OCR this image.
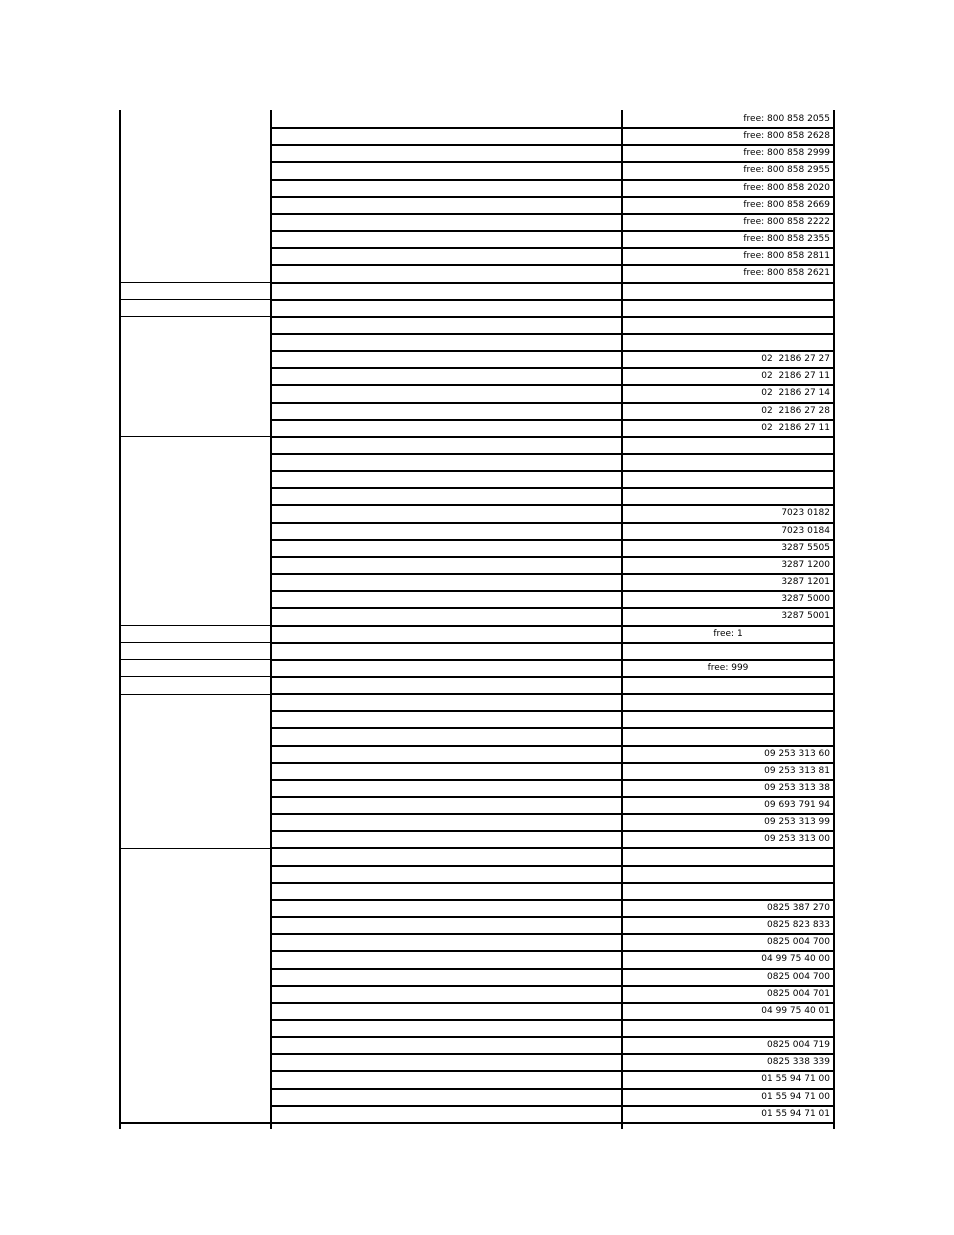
free: 800 858 2055
free: 800 858 2628
free: 800 858 2999
free: 800 858 2955
free: 800 858 2020
free: 800 858 2669
free: 800 858 2222
free: 800 858 2355
free: 800 858 2811
free: 800 858 2621
02  2186 27 27
02  2186 27 11
02  2186 27 14
02  2186 27 28
02  2186 27 11
7023 0182
7023 0184
3287 5505
3287 1200
3287 1201
3287 5000
3287 5001
free: 1
free: 999
09 253 313 60
09 253 313 81
09 253 313 38
09 693 791 94
09 253 313 99
09 253 313 00
0825 387 270
0825 823 833
0825 004 700
04 99 75 40 00
0825 004 700
0825 004 701
04 99 75 40 01
0825 004 719
0825 338 339
01 55 94 71 00
01 55 94 71 00
01 55 94 71 01
